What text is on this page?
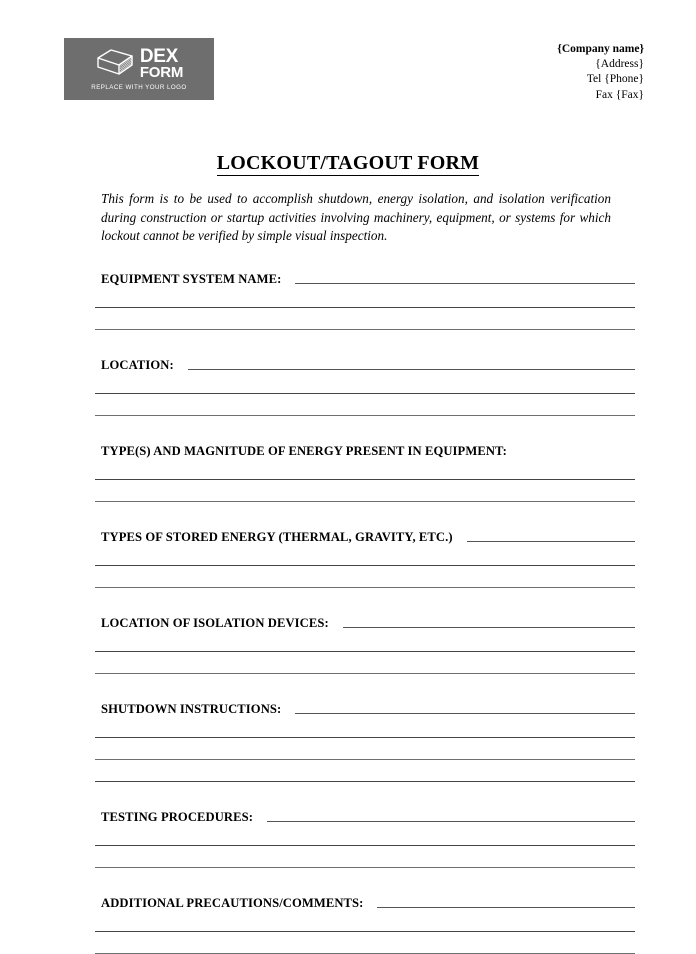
DEX
FORM
REPLACE WITH YOUR LOGO
{Company name}
{Address}
Tel {Phone}
Fax {Fax}
LOCKOUT/TAGOUT FORM
This form is to be used to accomplish shutdown, energy isolation, and isolation verification during construction or startup activities involving machinery, equipment, or systems for which lockout cannot be verified by simple visual inspection.
EQUIPMENT SYSTEM NAME:
LOCATION:
TYPE(S) AND MAGNITUDE OF ENERGY PRESENT IN EQUIPMENT:
TYPES OF STORED ENERGY (THERMAL, GRAVITY, ETC.)
LOCATION OF ISOLATION DEVICES:
SHUTDOWN INSTRUCTIONS:
TESTING PROCEDURES:
ADDITIONAL PRECAUTIONS/COMMENTS:
